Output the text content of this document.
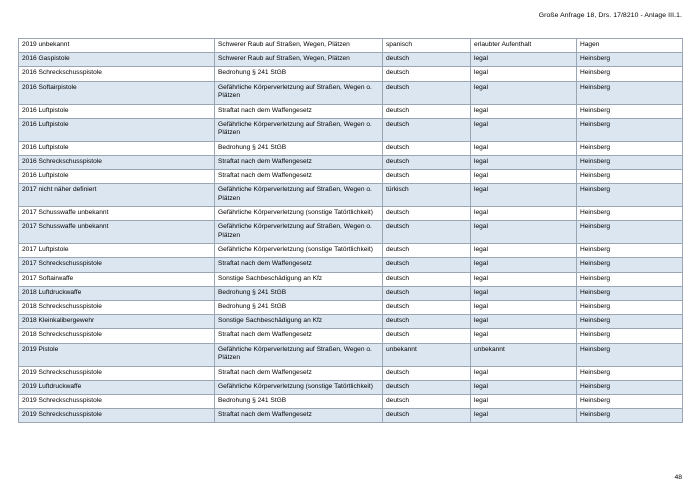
Große Anfrage 18, Drs. 17/8210 - Anlage III.1.
2019 unbekannt	Schwerer Raub auf Straßen, Wegen, Plätzen	spanisch	erlaubter Aufenthalt	Hagen
2016 Gaspistole	Schwerer Raub auf Straßen, Wegen, Plätzen	deutsch	legal	Heinsberg
2016 Schreckschusspistole	Bedrohung § 241 StGB	deutsch	legal	Heinsberg
2016 Softairpistole	Gefährliche Körperverletzung auf Straßen, Wegen o. Plätzen	deutsch	legal	Heinsberg
2016 Luftpistole	Straftat nach dem Waffengesetz	deutsch	legal	Heinsberg
2016 Luftpistole	Gefährliche Körperverletzung auf Straßen, Wegen o. Plätzen	deutsch	legal	Heinsberg
2016 Luftpistole	Bedrohung § 241 StGB	deutsch	legal	Heinsberg
2016 Schreckschusspistole	Straftat nach dem Waffengesetz	deutsch	legal	Heinsberg
2016 Luftpistole	Straftat nach dem Waffengesetz	deutsch	legal	Heinsberg
2017 nicht näher definiert	Gefährliche Körperverletzung auf Straßen, Wegen o. Plätzen	türkisch	legal	Heinsberg
2017 Schusswaffe unbekannt	Gefährliche Körperverletzung (sonstige Tatörtlichkeit)	deutsch	legal	Heinsberg
2017 Schusswaffe unbekannt	Gefährliche Körperverletzung auf Straßen, Wegen o. Plätzen	deutsch	legal	Heinsberg
2017 Luftpistole	Gefährliche Körperverletzung (sonstige Tatörtlichkeit)	deutsch	legal	Heinsberg
2017 Schreckschusspistole	Straftat nach dem Waffengesetz	deutsch	legal	Heinsberg
2017 Softairwaffe	Sonstige Sachbeschädigung an Kfz	deutsch	legal	Heinsberg
2018 Luftdruckwaffe	Bedrohung § 241 StGB	deutsch	legal	Heinsberg
2018 Schreckschusspistole	Bedrohung § 241 StGB	deutsch	legal	Heinsberg
2018 Kleinkalibergewehr	Sonstige Sachbeschädigung an Kfz	deutsch	legal	Heinsberg
2018 Schreckschusspistole	Straftat nach dem Waffengesetz	deutsch	legal	Heinsberg
2019 Pistole	Gefährliche Körperverletzung auf Straßen, Wegen o. Plätzen	unbekannt	unbekannt	Heinsberg
2019 Schreckschusspistole	Straftat nach dem Waffengesetz	deutsch	legal	Heinsberg
2019 Luftdruckwaffe	Gefährliche Körperverletzung (sonstige Tatörtlichkeit)	deutsch	legal	Heinsberg
2019 Schreckschusspistole	Bedrohung § 241 StGB	deutsch	legal	Heinsberg
2019 Schreckschusspistole	Straftat nach dem Waffengesetz	deutsch	legal	Heinsberg
48
